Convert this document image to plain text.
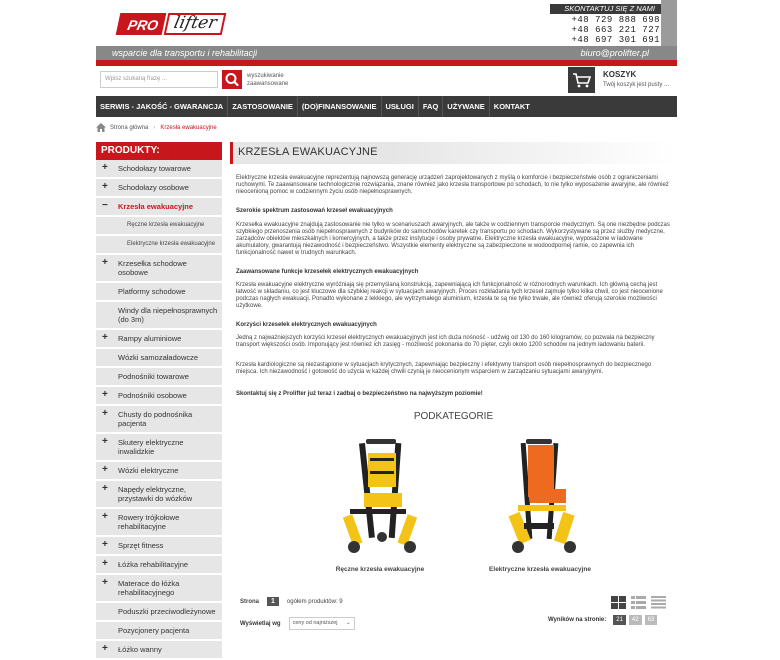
PRO lifter
wsparcie dla transportu i rehabilitacji
SKONTAKTUJ SIĘ Z NAMI
+48 729 888 698
+48 663 221 727
+48 697 301 691
biuro@prolifter.pl
Wpisz szukaną frazę ...	wyszukiwanie
zaawansowane
KOSZYK
Twój koszyk jest pusty ...
SERWIS - JAKOŚĆ - GWARANCJA	ZASTOSOWANIE	(DO)FINANSOWANIE	USŁUGI	FAQ	UŻYWANE	KONTAKT
Strona główna › Krzesła ewakuacyjne
PRODUKTY:
+ Schodołazy towarowe
+ Schodołazy osobowe
− Krzesła ewakuacyjne
Ręczne krzesła ewakuacyjne
Elektryczne krzesła ewakuacyjne
+ Krzesełka schodowe osobowe
Platformy schodowe
Windy dla niepełnosprawnych (do 3m)
+ Rampy aluminiowe
Wózki samozaładowcze
Podnośniki towarowe
+ Podnośniki osobowe
+ Chusty do podnośnika pacjenta
+ Skutery elektryczne inwalidzkie
+ Wózki elektryczne
+ Napędy elektryczne, przystawki do wózków
+ Rowery trójkołowe rehabilitacyjne
+ Sprzęt fitness
+ Łóżka rehabilitacyjne
+ Materace do łóżka rehabilitacyjnego
Poduszki przeciwodleżynowe
Pozycjonery pacjenta
+ Łóżko wanny
KRZESŁA EWAKUACYJNE
Elektryczne krzesła ewakuacyjne reprezentują najnowszą generację urządzeń zaprojektowanych z myślą o komforcie i bezpieczeństwie osób z ograniczeniami ruchowymi. Te zaawansowane technologicznie rozwiązania, znane również jako krzesła transportowe po schodach, to nie tylko wyposażenie awaryjne, ale również nieocenioną pomoc w codziennym życiu osób niepełnosprawnych.
Szerokie spektrum zastosowań krzeseł ewakuacyjnych
Krzesełka ewakuacyjne znajdują zastosowanie nie tylko w scenariuszach awaryjnych, ale także w codziennym transporcie medycznym. Są one niezbędne podczas szybkiego przenoszenia osób niepełnosprawnych z budynków do samochodów karetek czy transportu po schodach. Wykorzystywane są przez służby medyczne, zarządców obiektów mieszkalnych i komercyjnych, a także przez instytucje i osoby prywatne. Elektryczne krzesła ewakuacyjne, wyposażone w ładowane akumulatory, gwarantują niezawodność i bezpieczeństwo. Wszystkie elementy elektryczne są zabezpieczone w wodoodpornej ramie, co zapewnia ich funkcjonalność nawet w trudnych warunkach.
Zaawansowane funkcje krzesełek elektrycznych ewakuacyjnych
Krzesła ewakuacyjne elektryczne wyróżniają się przemyślaną konstrukcją, zapewniającą ich funkcjonalność w różnorodnych warunkach. Ich główną cechą jest łatwość w składaniu, co jest kluczowe dla szybkiej reakcji w sytuacjach awaryjnych. Proces rozkładania tych krzeseł zajmuje tylko kilka chwil, co jest nieocenione podczas nagłych ewakuacji. Ponadto wykonane z lekkiego, ale wytrzymałego aluminium, krzesła te są nie tylko trwałe, ale również oferują szerokie możliwości użytkowe.
Korzyści krzesełek elektrycznych ewakuacyjnych
Jedną z najważniejszych korzyści krzeseł elektrycznych ewakuacyjnych jest ich duża nośność - udźwig od 130 do 160 kilogramów, co pozwala na bezpieczny transport większości osób. Imponujący jest również ich zasięg - możliwość pokonania do 70 pięter, czyli około 1200 schodów na jednym ładowaniu baterii.
Krzesła kardiologiczne są niezastąpione w sytuacjach krytycznych, zapewniając bezpieczny i efektywny transport osób niepełnosprawnych do bezpiecznego miejsca. Ich niezawodność i gotowość do użycia w każdej chwili czynią je nieocenionym wsparciem w zarządzaniu sytuacjami awaryjnymi.
Skontaktuj się z Prolifter już teraz i zadbaj o bezpieczeństwo na najwyższym poziomie!
PODKATEGORIE
Ręczne krzesła ewakuacyjne	Elektryczne krzesła ewakuacyjne
Strona	1	ogółem produktów: 9
Wyświetlaj wg	ceny od najniższej ⌄	Wyników na stronie:	21	42	63
